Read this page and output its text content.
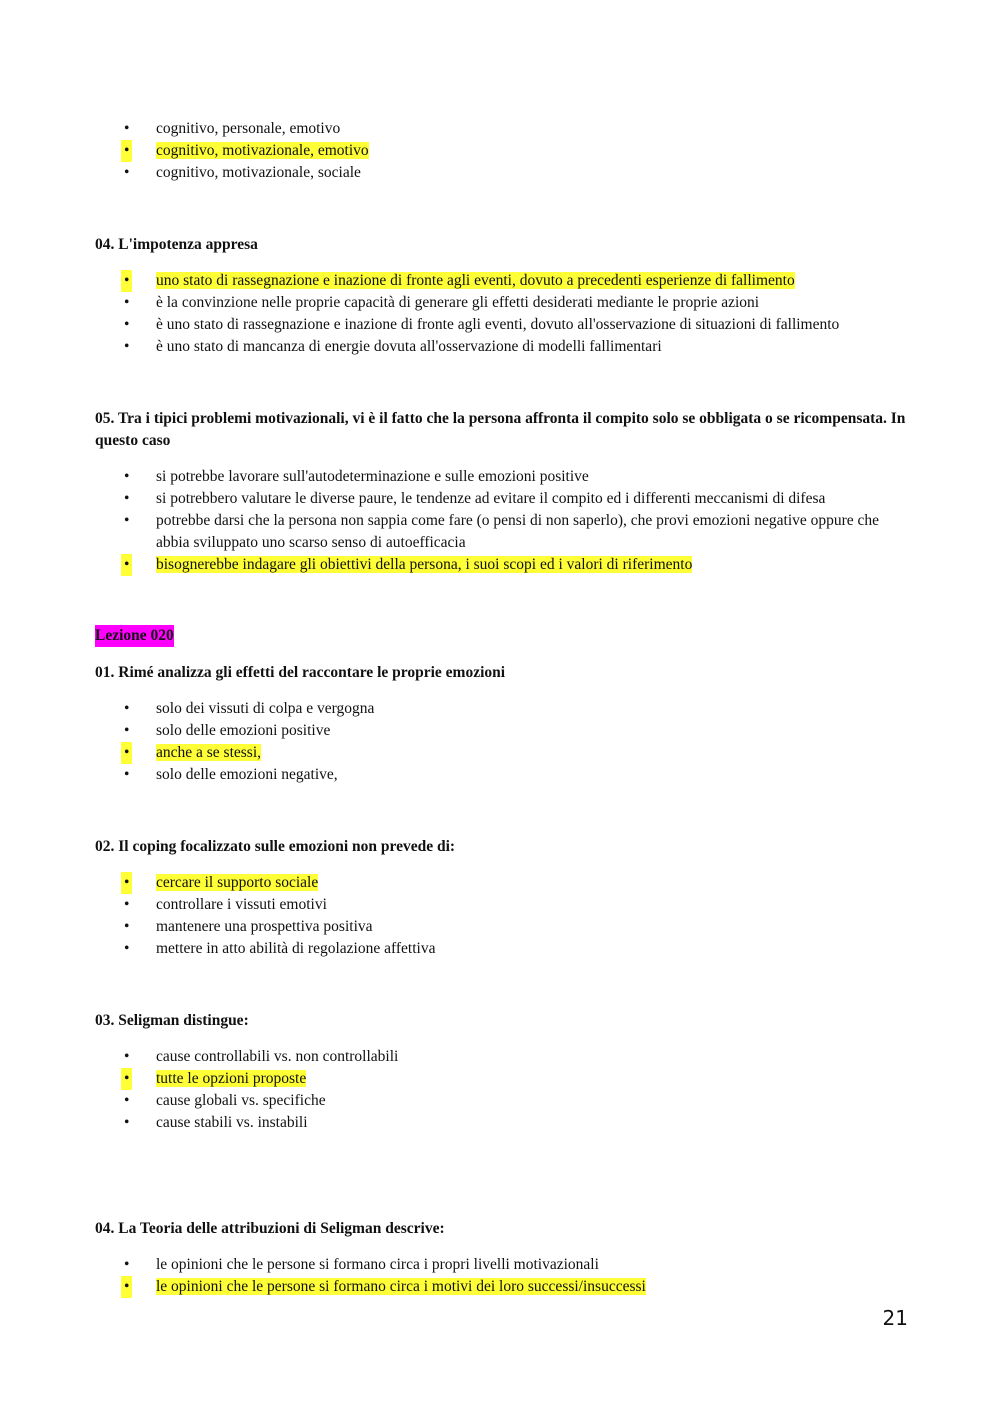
• cognitivo, personale, emotivo
• cognitivo, motivazionale, emotivo
• cognitivo, motivazionale, sociale

04. L'impotenza appresa

• uno stato di rassegnazione e inazione di fronte agli eventi, dovuto a precedenti esperienze di fallimento
• è la convinzione nelle proprie capacità di generare gli effetti desiderati mediante le proprie azioni
• è uno stato di rassegnazione e inazione di fronte agli eventi, dovuto all'osservazione di situazioni di fallimento
• è uno stato di mancanza di energie dovuta all'osservazione di modelli fallimentari

05. Tra i tipici problemi motivazionali, vi è il fatto che la persona affronta il compito solo se obbligata o se ricompensata. In questo caso

• si potrebbe lavorare sull'autodeterminazione e sulle emozioni positive
• si potrebbero valutare le diverse paure, le tendenze ad evitare il compito ed i differenti meccanismi di difesa
• potrebbe darsi che la persona non sappia come fare (o pensi di non saperlo), che provi emozioni negative oppure che abbia sviluppato uno scarso senso di autoefficacia
• bisognerebbe indagare gli obiettivi della persona, i suoi scopi ed i valori di riferimento
Lezione 020

01. Rimé analizza gli effetti del raccontare le proprie emozioni

• solo dei vissuti di colpa e vergogna
• solo delle emozioni positive
• anche a se stessi,
• solo delle emozioni negative,

02. Il coping focalizzato sulle emozioni non prevede di:

• cercare il supporto sociale
• controllare i vissuti emotivi
• mantenere una prospettiva positiva
• mettere in atto abilità di regolazione affettiva

03. Seligman distingue:

• cause controllabili vs. non controllabili
• tutte le opzioni proposte
• cause globali vs. specifiche
• cause stabili vs. instabili

04. La Teoria delle attribuzioni di Seligman descrive:

• le opinioni che le persone si formano circa i propri livelli motivazionali
• le opinioni che le persone si formano circa i motivi dei loro successi/insuccessi
21
